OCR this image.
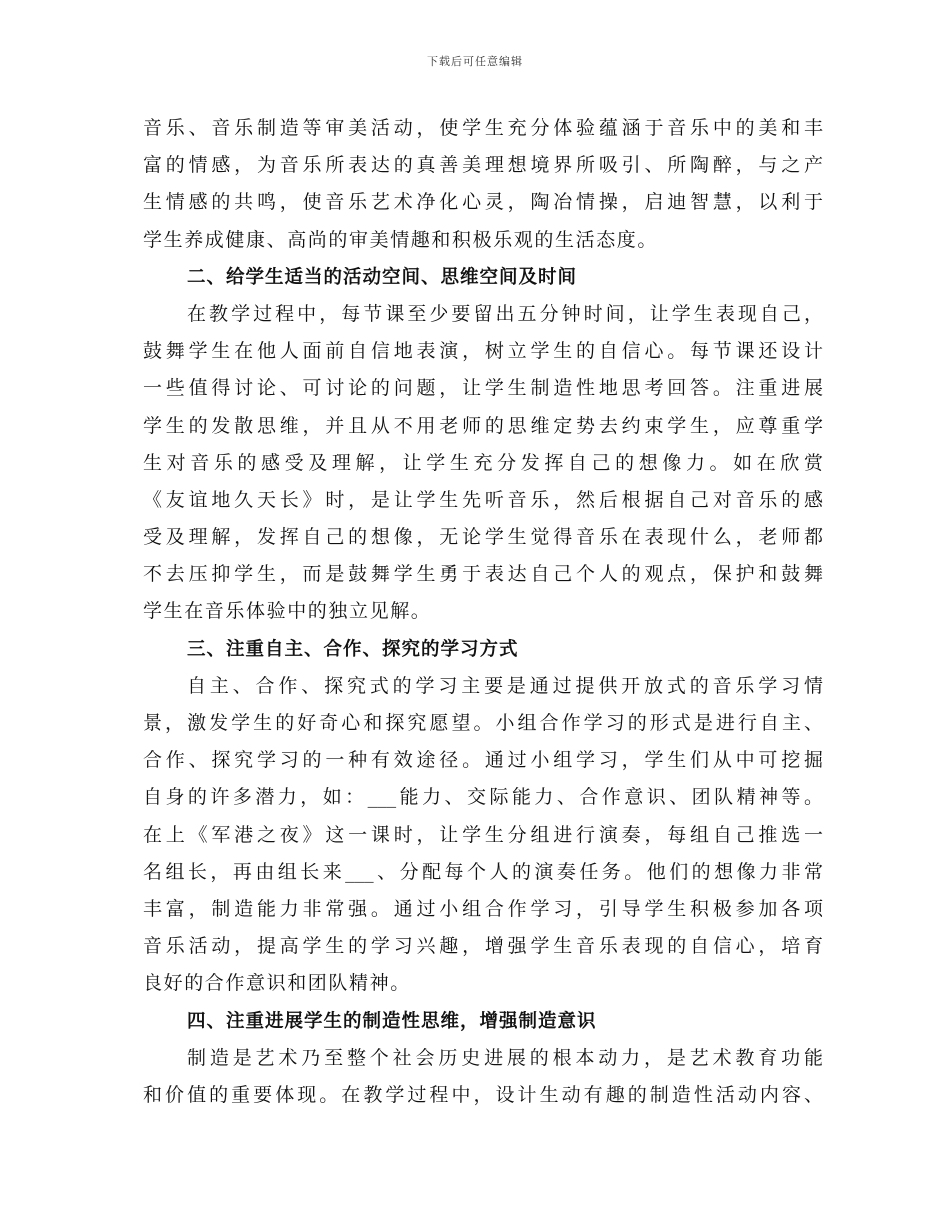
下载后可任意编辑
音乐、音乐制造等审美活动，使学生充分体验蕴涵于音乐中的美和丰
富的情感，为音乐所表达的真善美理想境界所吸引、所陶醉，与之产
生情感的共鸣，使音乐艺术净化心灵，陶冶情操，启迪智慧，以利于
学生养成健康、高尚的审美情趣和积极乐观的生活态度。
二、给学生适当的活动空间、思维空间及时间
在教学过程中，每节课至少要留出五分钟时间，让学生表现自己，
鼓舞学生在他人面前自信地表演，树立学生的自信心。每节课还设计
一些值得讨论、可讨论的问题，让学生制造性地思考回答。注重进展
学生的发散思维，并且从不用老师的思维定势去约束学生，应尊重学
生对音乐的感受及理解，让学生充分发挥自己的想像力。如在欣赏
《友谊地久天长》时，是让学生先听音乐，然后根据自己对音乐的感
受及理解，发挥自己的想像，无论学生觉得音乐在表现什么，老师都
不去压抑学生，而是鼓舞学生勇于表达自己个人的观点，保护和鼓舞
学生在音乐体验中的独立见解。
三、注重自主、合作、探究的学习方式
自主、合作、探究式的学习主要是通过提供开放式的音乐学习情
景，激发学生的好奇心和探究愿望。小组合作学习的形式是进行自主、
合作、探究学习的一种有效途径。通过小组学习，学生们从中可挖掘
自身的许多潜力，如：___能力、交际能力、合作意识、团队精神等。
在上《军港之夜》这一课时，让学生分组进行演奏，每组自己推选一
名组长，再由组长来___、分配每个人的演奏任务。他们的想像力非常
丰富，制造能力非常强。通过小组合作学习，引导学生积极参加各项
音乐活动，提高学生的学习兴趣，增强学生音乐表现的自信心，培育
良好的合作意识和团队精神。
四、注重进展学生的制造性思维，增强制造意识
制造是艺术乃至整个社会历史进展的根本动力，是艺术教育功能
和价值的重要体现。在教学过程中，设计生动有趣的制造性活动内容、
